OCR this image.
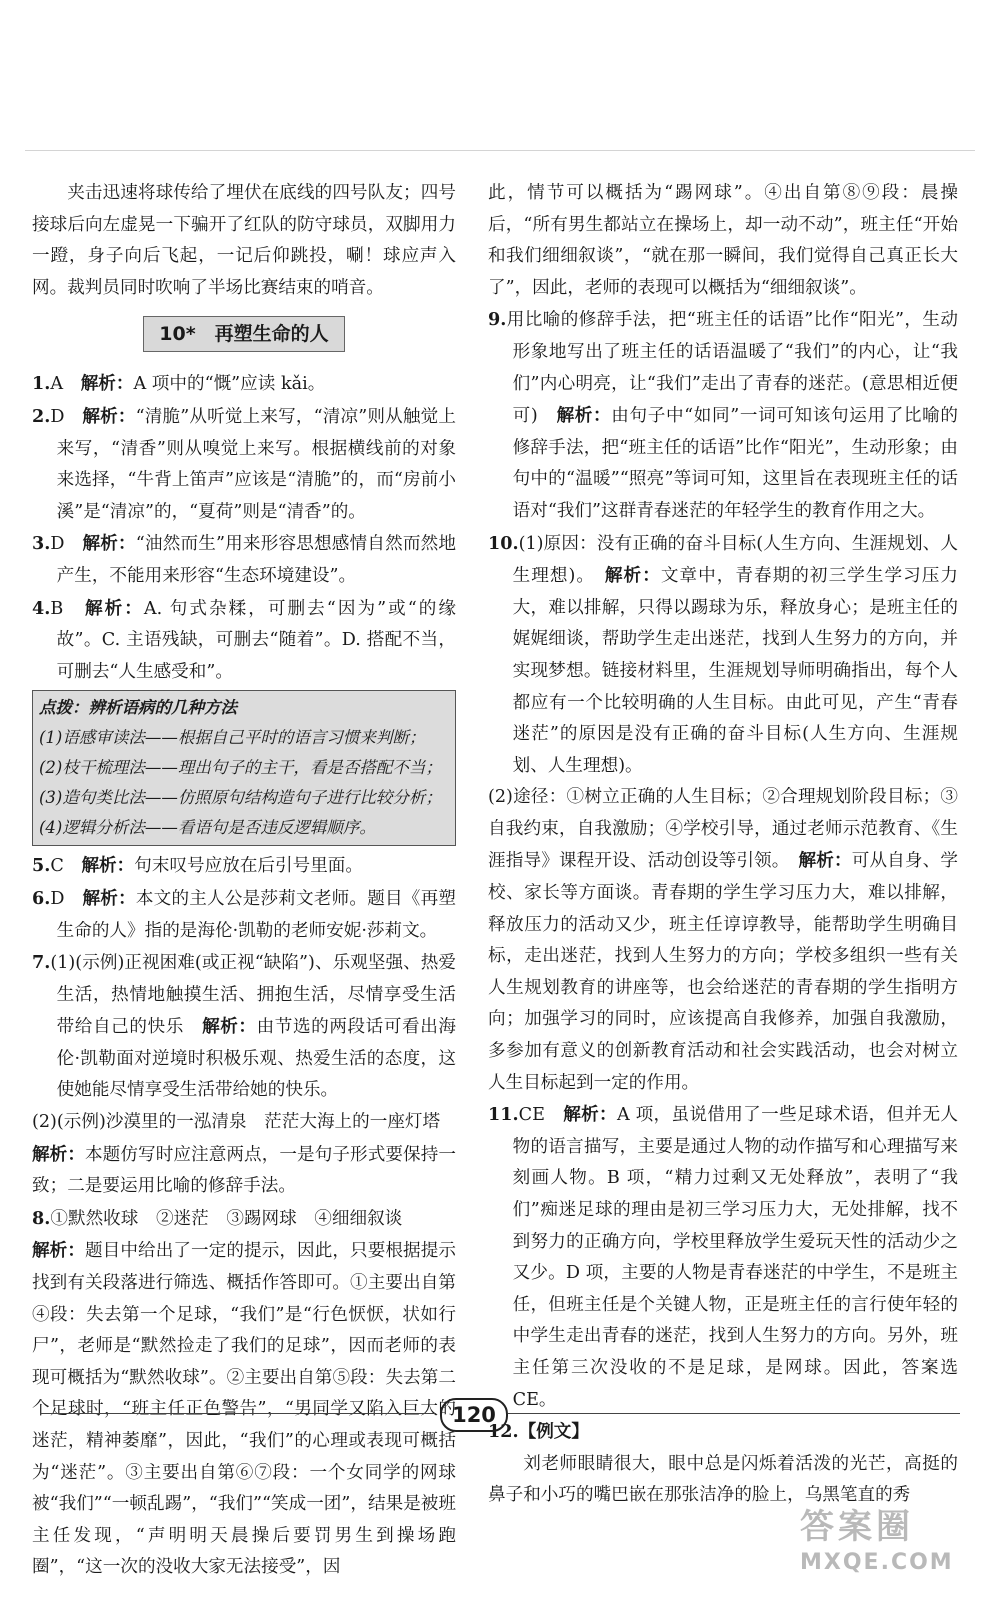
夹击迅速将球传给了埋伏在底线的四号队友；四号接球后向左虚晃一下骗开了红队的防守球员，双脚用力一蹬，身子向后飞起，一记后仰跳投，唰！球应声入网。裁判员同时吹响了半场比赛结束的哨音。

10*　再塑生命的人

1.A　 解析：A 项中的“慨”应读 kǎi。

2.D　 解析：“清脆”从听觉上来写，“清凉”则从触觉上来写，“清香”则从嗅觉上来写。根据横线前的对象来选择，“牛背上笛声”应该是“清脆”的，而“房前小溪”是“清凉”的，“夏荷”则是“清香”的。

3.D　 解析：“油然而生”用来形容思想感情自然而然地产生，不能用来形容“生态环境建设”。

4.B　 解析：A. 句式杂糅，可删去“因为”或“的缘故”。C. 主语残缺，可删去“随着”。D. 搭配不当，可删去“人生感受和”。

点拨：辨析语病的几种方法

(1)语感审读法——根据自己平时的语言习惯来判断；

(2)枝干梳理法——理出句子的主干，看是否搭配不当；

(3)造句类比法——仿照原句结构造句子进行比较分析；

(4)逻辑分析法——看语句是否违反逻辑顺序。

5.C　 解析：句末叹号应放在后引号里面。

6.D　 解析：本文的主人公是莎莉文老师。题目《再塑生命的人》指的是海伦·凯勒的老师安妮·莎莉文。

7.(1)(示例)正视困难(或正视“缺陷”)、乐观坚强、热爱生活，热情地触摸生活、拥抱生活，尽情享受生活带给自己的快乐　 解析：由节选的两段话可看出海伦·凯勒面对逆境时积极乐观、热爱生活的态度，这使她能尽情享受生活带给她的快乐。

(2)(示例)沙漠里的一泓清泉　茫茫大海上的一座灯塔

解析：本题仿写时应注意两点，一是句子形式要保持一致；二是要运用比喻的修辞手法。

8.①默然收球　②迷茫　③踢网球　④细细叙谈

解析：题目中给出了一定的提示，因此，只要根据提示找到有关段落进行筛选、概括作答即可。①主要出自第④段：失去第一个足球，“我们”是“行色恹恹，状如行尸”，老师是“默然捡走了我们的足球”，因而老师的表现可概括为“默然收球”。②主要出自第⑤段：失去第二个足球时，“班主任正色警告”，“男同学又陷入巨大的迷茫，精神萎靡”，因此，“我们”的心理或表现可概括为“迷茫”。③主要出自第⑥⑦段：一个女同学的网球被“我们”“一顿乱踢”，“我们”“笑成一团”，结果是被班主任发现，“声明明天晨操后要罚男生到操场跑圈”，“这一次的没收大家无法接受”，因

此，情节可以概括为“踢网球”。④出自第⑧⑨段：晨操后，“所有男生都站立在操场上，却一动不动”，班主任“开始和我们细细叙谈”，“就在那一瞬间，我们觉得自己真正长大了”，因此，老师的表现可以概括为“细细叙谈”。

9.用比喻的修辞手法，把“班主任的话语”比作“阳光”，生动形象地写出了班主任的话语温暖了“我们”的内心，让“我们”内心明亮，让“我们”走出了青春的迷茫。(意思相近便可)　 解析：由句子中“如同”一词可知该句运用了比喻的修辞手法，把“班主任的话语”比作“阳光”，生动形象；由句中的“温暖”“照亮”等词可知，这里旨在表现班主任的话语对“我们”这群青春迷茫的年轻学生的教育作用之大。

10.(1)原因：没有正确的奋斗目标(人生方向、生涯规划、人生理想)。　 解析：文章中，青春期的初三学生学习压力大，难以排解，只得以踢球为乐，释放身心；是班主任的娓娓细谈，帮助学生走出迷茫，找到人生努力的方向，并实现梦想。链接材料里，生涯规划导师明确指出，每个人都应有一个比较明确的人生目标。由此可见，产生“青春迷茫”的原因是没有正确的奋斗目标(人生方向、生涯规划、人生理想)。

(2)途径：①树立正确的人生目标；②合理规划阶段目标；③自我约束，自我激励；④学校引导，通过老师示范教育、《生涯指导》课程开设、活动创设等引领。　 解析：可从自身、学校、家长等方面谈。青春期的学生学习压力大，难以排解，释放压力的活动又少，班主任谆谆教导，能帮助学生明确目标，走出迷茫，找到人生努力的方向；学校多组织一些有关人生规划教育的讲座等，也会给迷茫的青春期的学生指明方向；加强学习的同时，应该提高自我修养，加强自我激励，多参加有意义的创新教育活动和社会实践活动，也会对树立人生目标起到一定的作用。

11.CE　 解析：A 项，虽说借用了一些足球术语，但并无人物的语言描写，主要是通过人物的动作描写和心理描写来刻画人物。B 项，“精力过剩又无处释放”，表明了“我们”痴迷足球的理由是初三学习压力大，无处排解，找不到努力的正确方向，学校里释放学生爱玩天性的活动少之又少。D 项，主要的人物是青春迷茫的中学生，不是班主任，但班主任是个关键人物，正是班主任的言行使年轻的中学生走出青春的迷茫，找到人生努力的方向。另外，班主任第三次没收的不是足球，是网球。因此，答案选 CE。

12.【例文】

刘老师眼睛很大，眼中总是闪烁着活泼的光芒，高挺的鼻子和小巧的嘴巴嵌在那张洁净的脸上，乌黑笔直的秀

120
答案圈
MXQE.COM
